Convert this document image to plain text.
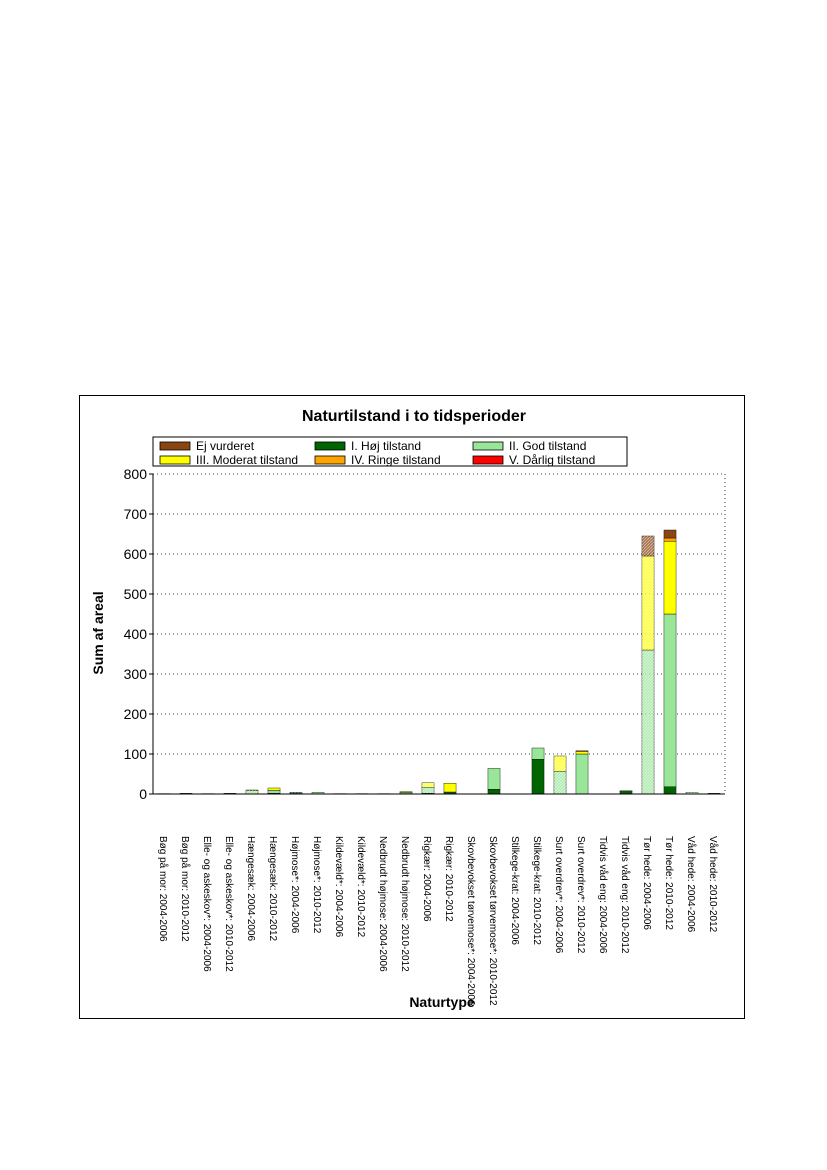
Naturtilstand i to tidsperioder
Ej vurderet	I. Høj tilstand	II. God tilstand
III. Moderat tilstand	IV. Ringe tilstand	V. Dårlig tilstand
0
100
200
300
400
500
600
700
800
Bøg på mor: 2004-2006 Bøg på mor: 2010-2012 Elle- og askeskov*: 2004-2006 Elle- og askeskov*: 2010-2012 Hængesæk: 2004-2006 Hængesæk: 2010-2012 Højmose*: 2004-2006 Højmose*: 2010-2012 Kildevæld*: 2004-2006 Kildevæld*: 2010-2012 Nedbrudt højmose: 2004-2006 Nedbrudt højmose: 2010-2012 Rigkær: 2004-2006 Rigkær: 2010-2012 Skovbevokset tørvemose*: 2004-2006 Skovbevokset tørvemose*: 2010-2012 Stilkege-krat: 2004-2006 Stilkege-krat: 2010-2012 Surt overdrev*: 2004-2006 Surt overdrev*: 2010-2012 Tidvis våd eng: 2004-2006 Tidvis våd eng: 2010-2012 Tør hede: 2004-2006 Tør hede: 2010-2012 Våd hede: 2004-2006 Våd hede: 2010-2012
Sum af areal
Naturtype
